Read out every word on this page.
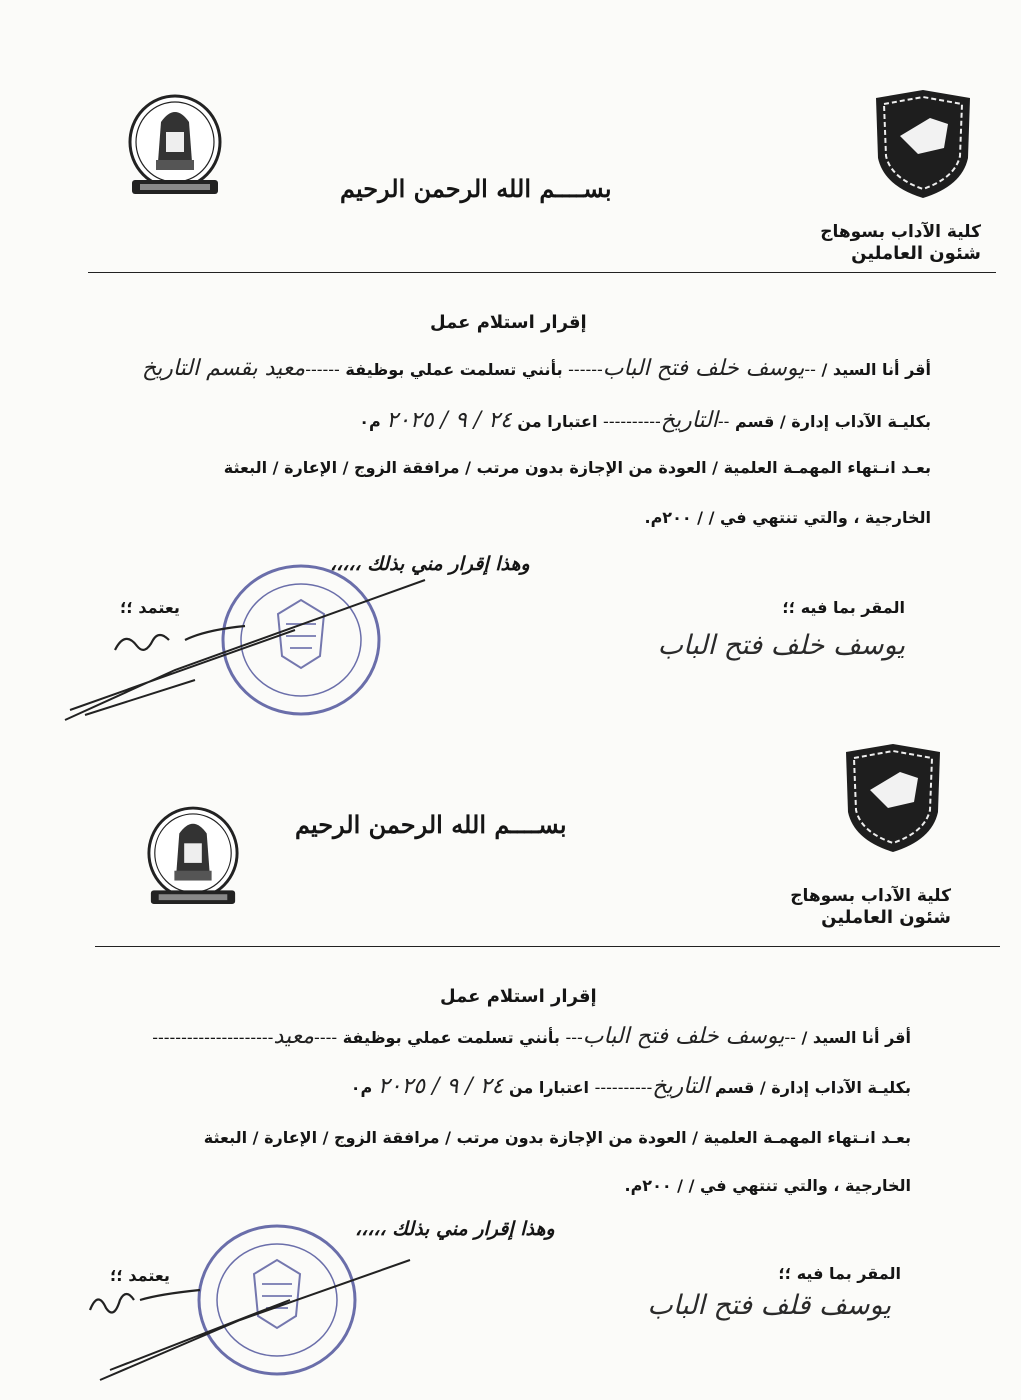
بســــم الله الرحمن الرحيم
كلية الآداب بسوهاج
شئون العاملين
إقرار استلام عمل
أقر أنا السيد / --يوسف خلف فتح الباب------ بأنني تسلمت عملي بوظيفة ------معيد بقسم التاريخ
بكليـة الآداب إدارة / قسم --التاريخ---------- اعتبارا من ٢٤ / ٩ / ٢٠٢٥ م٠
بعـد انـتهاء المهمـة العلمية / العودة من الإجازة بدون مرتب / مرافقة الزوج / الإعارة / البعثة
الخارجية ، والتي تنتهي في / / ٢٠٠م.
وهذا إقرار مني بذلك ،،،،،
المقر بما فيه ؛؛
يعتمد ؛؛
يوسف خلف فتح الباب
بســــم الله الرحمن الرحيم
كلية الآداب بسوهاج
شئون العاملين
إقرار استلام عمل
أقر أنا السيد / --يوسف خلف فتح الباب--- بأنني تسلمت عملي بوظيفة ----معيد---------------------
بكليـة الآداب إدارة / قسم التاريخ---------- اعتبارا من ٢٤ / ٩ / ٢٠٢٥ م٠
بعـد انـتهاء المهمـة العلمية / العودة من الإجازة بدون مرتب / مرافقة الزوج / الإعارة / البعثة
الخارجية ، والتي تنتهي في / / ٢٠٠م.
وهذا إقرار مني بذلك ،،،،،
المقر بما فيه ؛؛
يعتمد ؛؛
يوسف قلف فتح الباب
